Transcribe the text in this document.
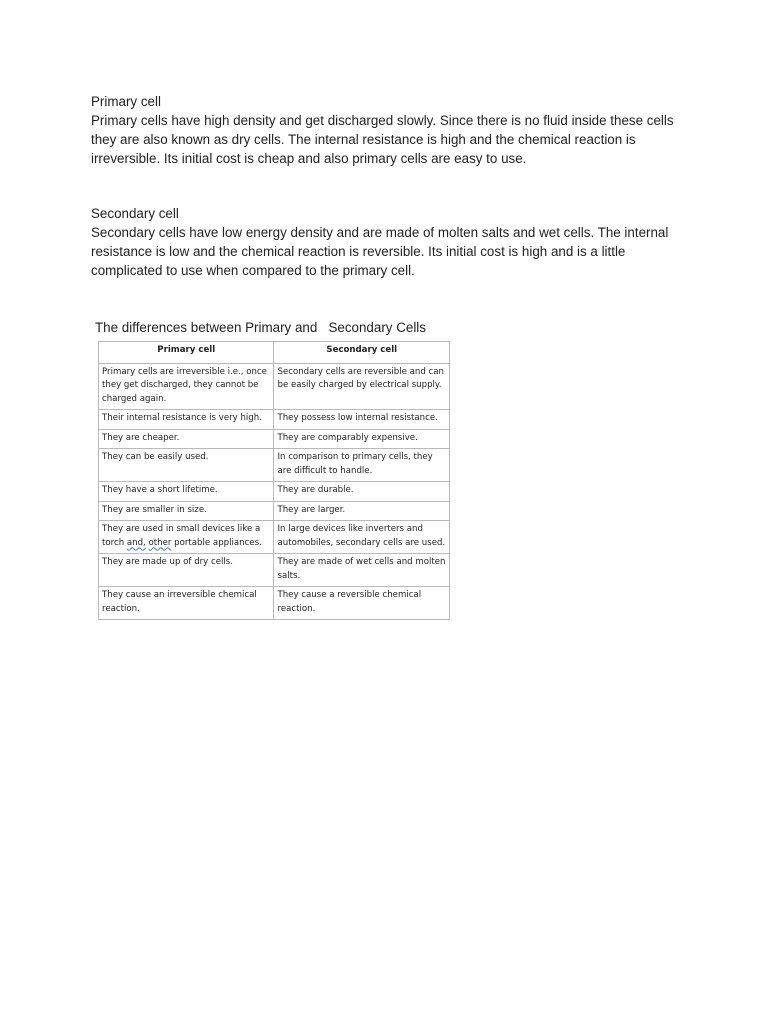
Primary cell

Primary cells have high density and get discharged slowly. Since there is no fluid inside these cells they are also known as dry cells. The internal resistance is high and the chemical reaction is irreversible. Its initial cost is cheap and also primary cells are easy to use.

Secondary cell

Secondary cells have low energy density and are made of molten salts and wet cells. The internal resistance is low and the chemical reaction is reversible. Its initial cost is high and is a little complicated to use when compared to the primary cell.

The differences between Primary and   Secondary Cells

Primary cell	Secondary cell
Primary cells are irreversible i.e., once they get discharged, they cannot be charged again.	Secondary cells are reversible and can be easily charged by electrical supply.
Their internal resistance is very high.	They possess low internal resistance.
They are cheaper.	They are comparably expensive.
They can be easily used.	In comparison to primary cells, they are difficult to handle.
They have a short lifetime.	They are durable.
They are smaller in size.	They are larger.
They are used in small devices like a torch and, other portable appliances.	In large devices like inverters and automobiles, secondary cells are used.
They are made up of dry cells.	They are made of wet cells and molten salts.
They cause an irreversible chemical reaction.	They cause a reversible chemical reaction.
